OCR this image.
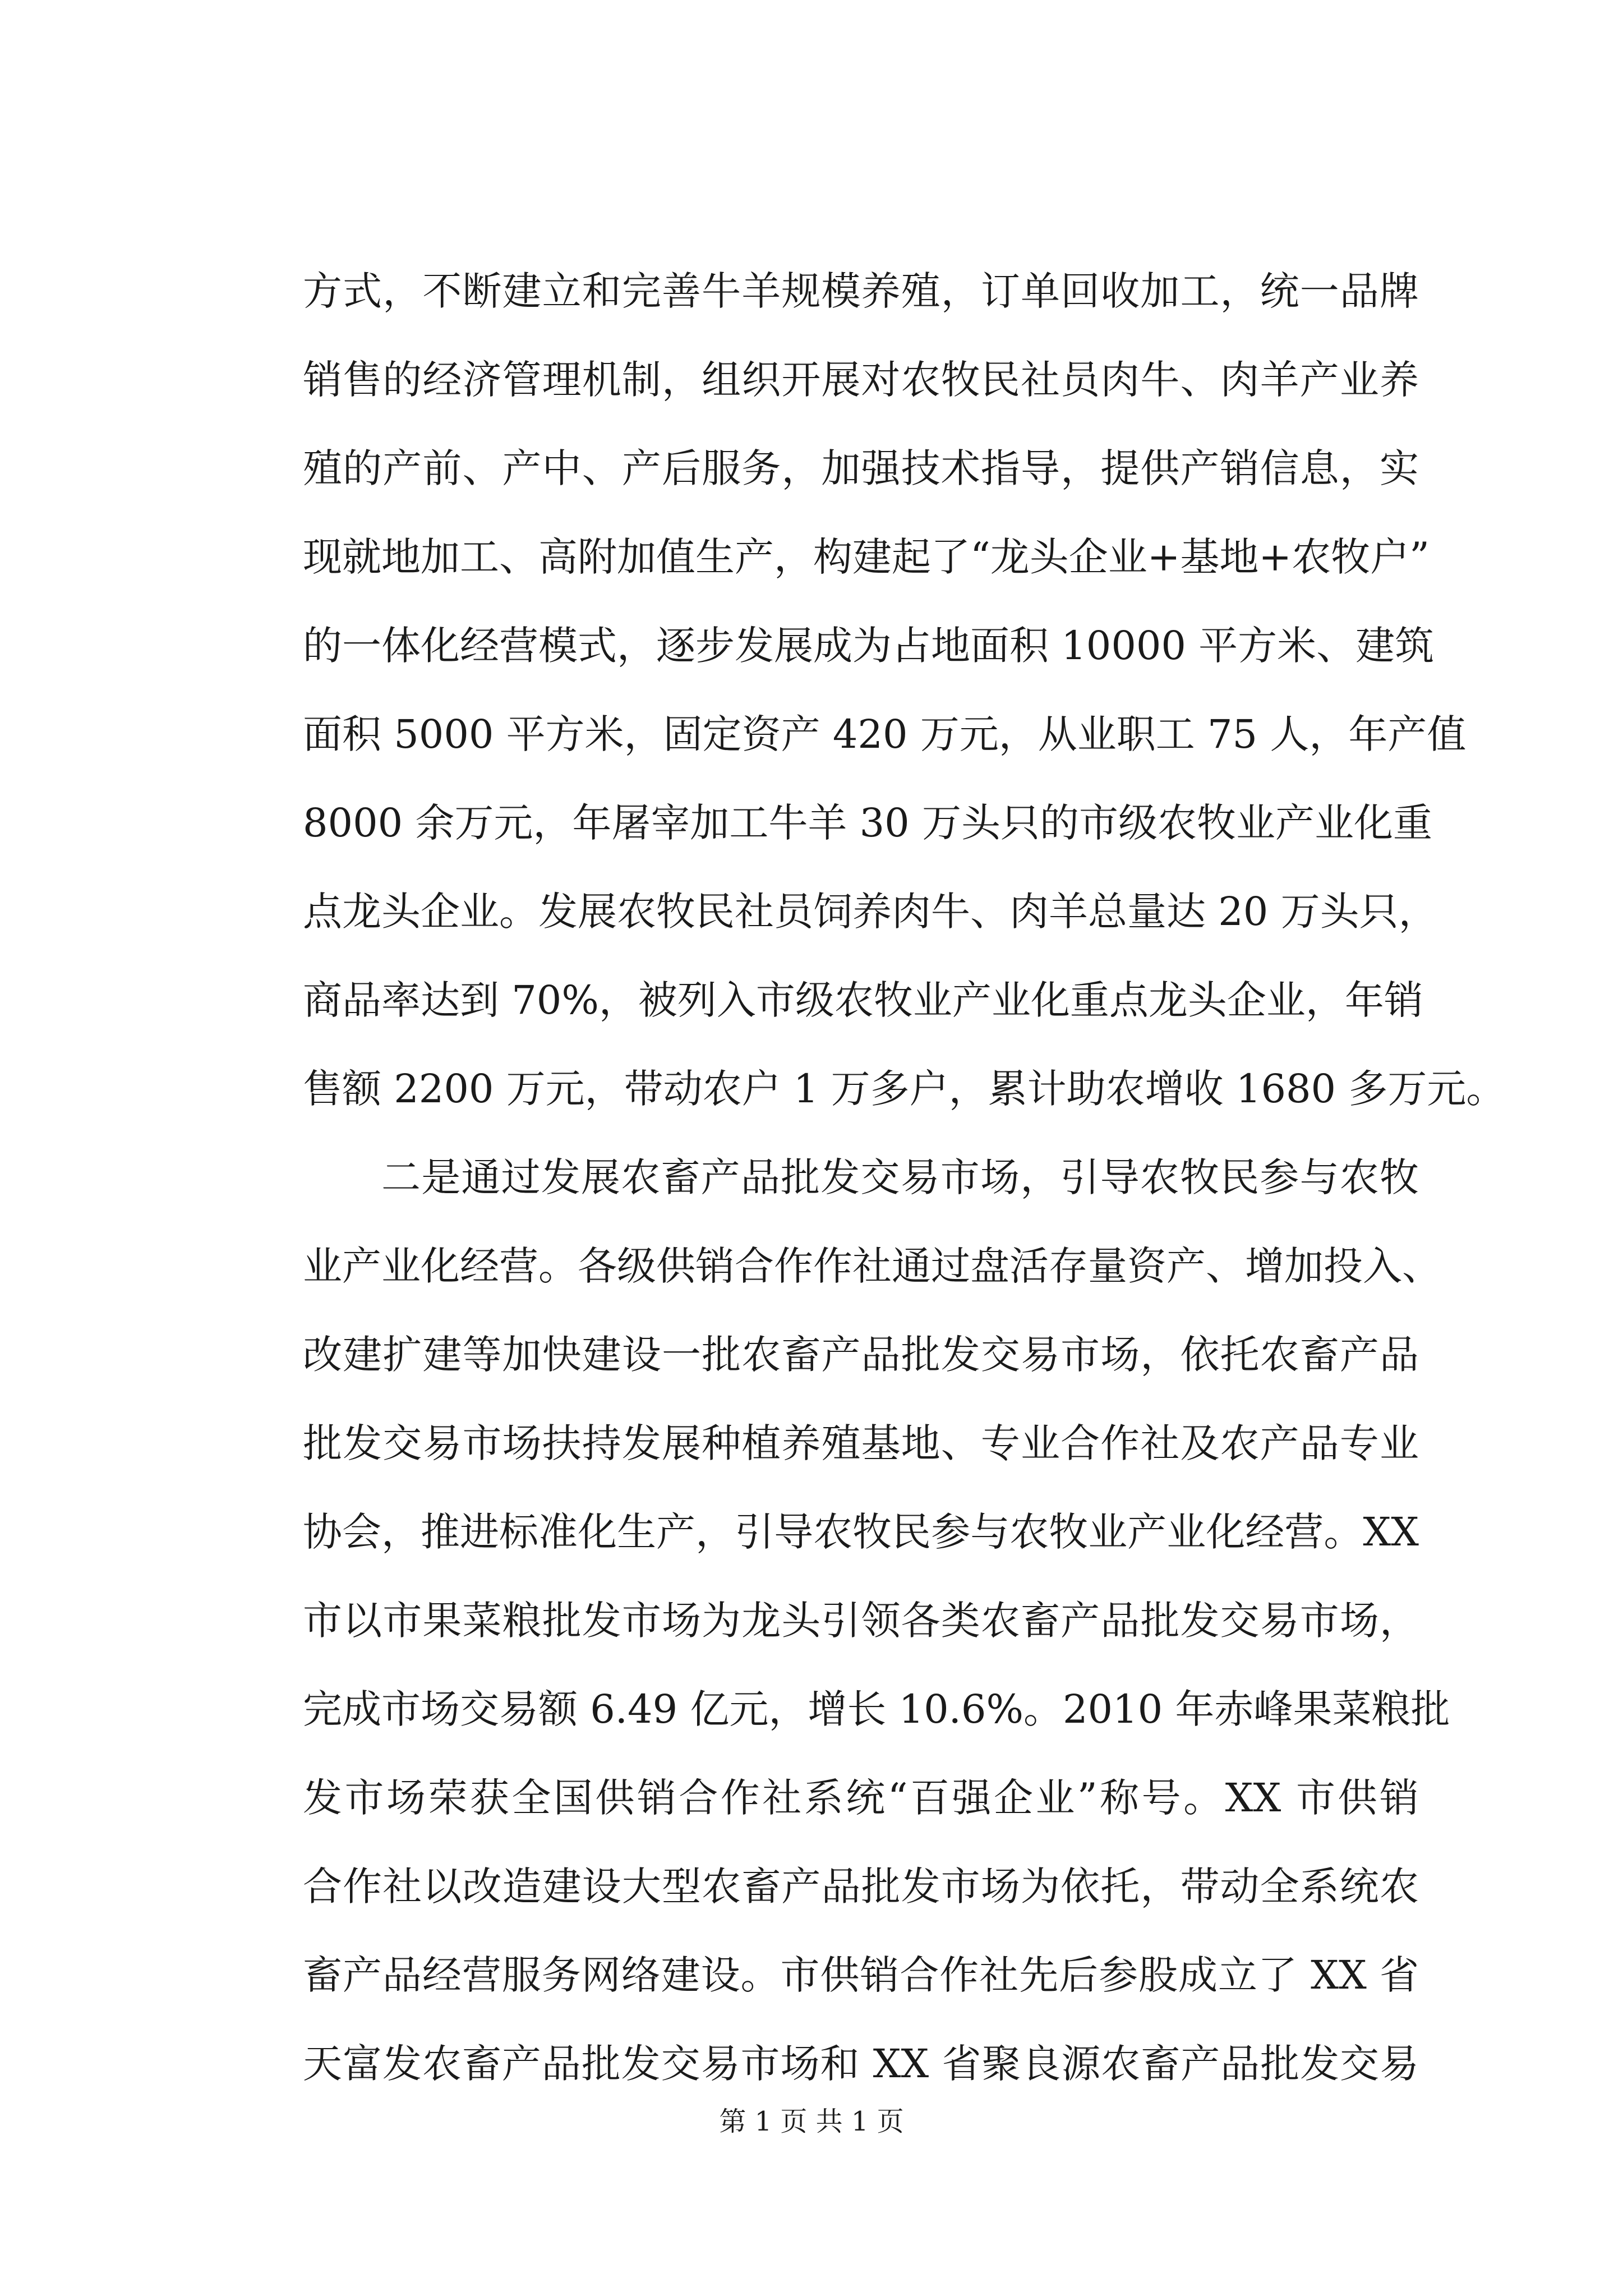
方式，不断建立和完善牛羊规模养殖，订单回收加工，统一品牌
销售的经济管理机制，组织开展对农牧民社员肉牛、肉羊产业养
殖的产前、产中、产后服务，加强技术指导，提供产销信息，实
现就地加工、高附加值生产，构建起了“龙头企业+基地+农牧户”
的一体化经营模式，逐步发展成为占地面积 10000 平方米、建筑
面积 5000 平方米，固定资产 420 万元，从业职工 75 人，年产值
8000 余万元，年屠宰加工牛羊 30 万头只的市级农牧业产业化重
点龙头企业。发展农牧民社员饲养肉牛、肉羊总量达 20 万头只，
商品率达到 70%，被列入市级农牧业产业化重点龙头企业，年销
售额 2200 万元，带动农户 1 万多户，累计助农增收 1680 多万元。
二是通过发展农畜产品批发交易市场，引导农牧民参与农牧
业产业化经营。各级供销合作作社通过盘活存量资产、增加投入、
改建扩建等加快建设一批农畜产品批发交易市场，依托农畜产品
批发交易市场扶持发展种植养殖基地、专业合作社及农产品专业
协会，推进标准化生产，引导农牧民参与农牧业产业化经营。XX
市以市果菜粮批发市场为龙头引领各类农畜产品批发交易市场，
完成市场交易额 6.49 亿元，增长 10.6%。2010 年赤峰果菜粮批
发市场荣获全国供销合作社系统“百强企业”称号。XX 市供销
合作社以改造建设大型农畜产品批发市场为依托，带动全系统农
畜产品经营服务网络建设。市供销合作社先后参股成立了 XX 省
天富发农畜产品批发交易市场和 XX 省聚良源农畜产品批发交易
第 1 页 共 1 页
